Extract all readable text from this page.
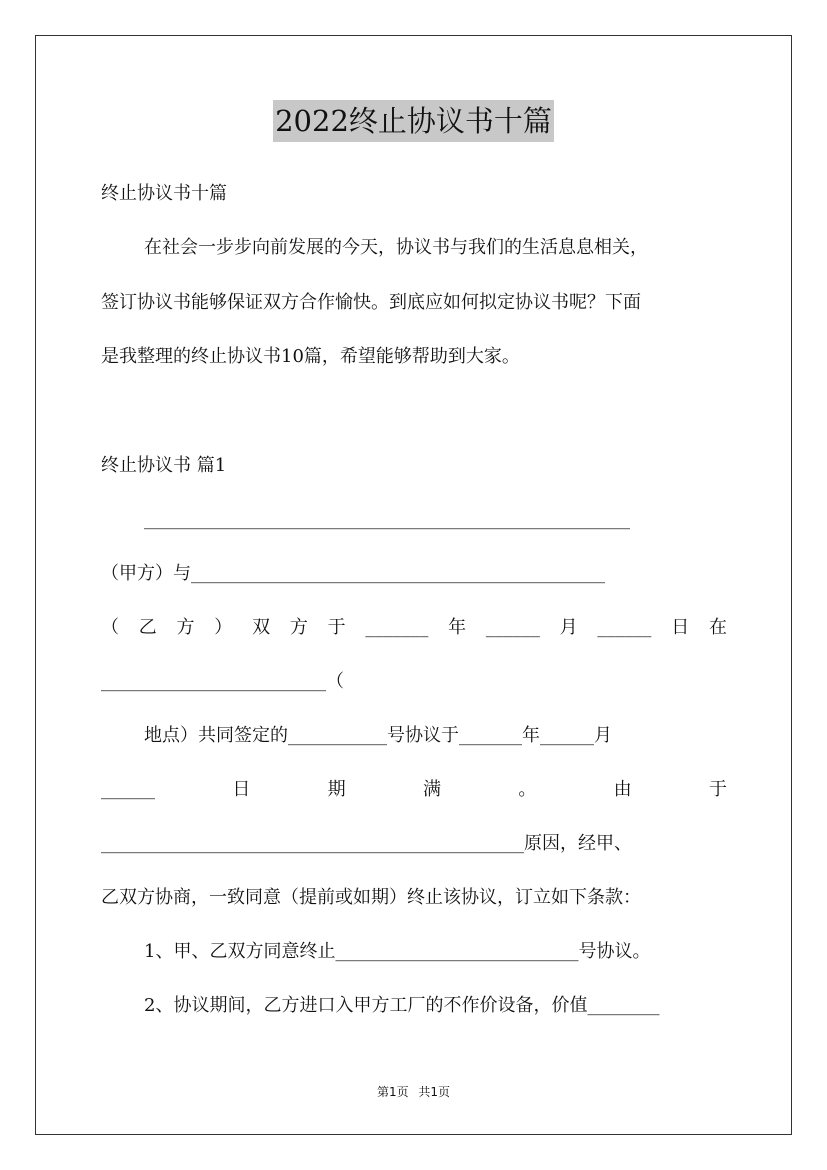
2022终止协议书十篇
终止协议书十篇
在社会一步步向前发展的今天，协议书与我们的生活息息相关，
签订协议书能够保证双方合作愉快。到底应如何拟定协议书呢？下面
是我整理的终止协议书10篇，希望能够帮助到大家。
终止协议书 篇1
______________________________________________________
（甲方）与______________________________________________
（ 乙 方 ） 双 方 于 _______ 年 ______ 月 ______ 日 在
_________________________（
地点）共同签定的___________号协议于_______年______月
______	日	期	满	。	由	于
_______________________________________________原因，经甲、
乙双方协商，一致同意（提前或如期）终止该协议，订立如下条款：
1、甲、乙双方同意终止___________________________号协议。
2、协议期间，乙方进口入甲方工厂的不作价设备，价值________
第1页 共1页
